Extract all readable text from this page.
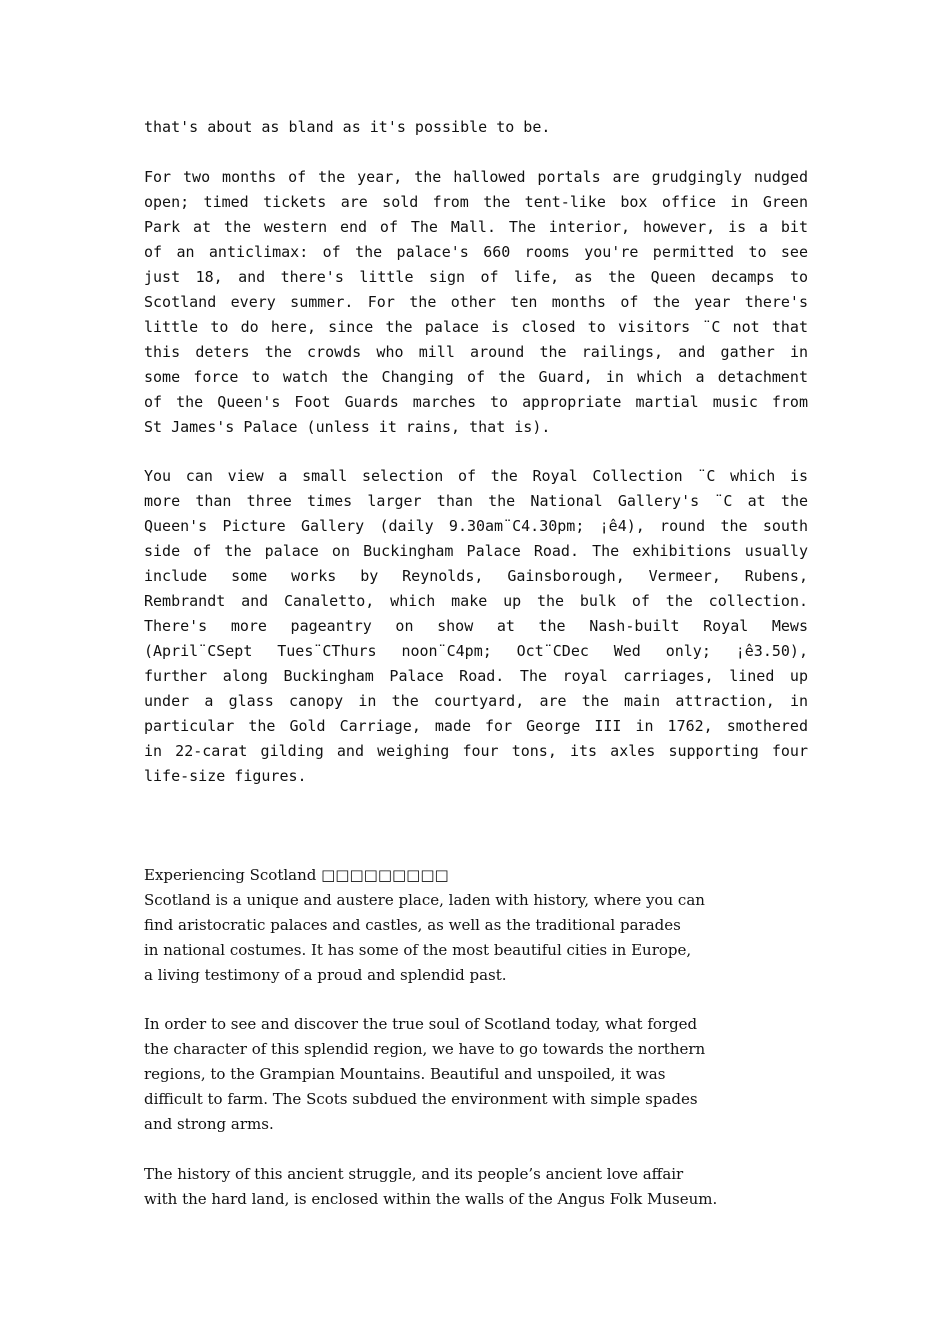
that's about as bland as it's possible to be.
For two months of the year, the hallowed portals are grudgingly nudged
open; timed tickets are sold from the tent-like box office in Green
Park at the western end of The Mall. The interior, however, is a bit
of an anticlimax: of the palace's 660 rooms you're permitted to see
just 18, and there's little sign of life, as the Queen decamps to
Scotland every summer. For the other ten months of the year there's
little to do here, since the palace is closed to visitors ¨C not that
this deters the crowds who mill around the railings, and gather in
some force to watch the Changing of the Guard, in which a detachment
of the Queen's Foot Guards marches to appropriate martial music from
St James's Palace (unless it rains, that is).
You can view a small selection of the Royal Collection ¨C which is
more than three times larger than the National Gallery's ¨C at the
Queen's Picture Gallery (daily 9.30am¨C4.30pm; ¡ê4), round the south
side of the palace on Buckingham Palace Road. The exhibitions usually
include some works by Reynolds, Gainsborough, Vermeer, Rubens,
Rembrandt and Canaletto, which make up the bulk of the collection.
There's more pageantry on show at the Nash-built Royal Mews
(April¨CSept Tues¨CThurs noon¨C4pm; Oct¨CDec Wed only; ¡ê3.50),
further along Buckingham Palace Road. The royal carriages, lined up
under a glass canopy in the courtyard, are the main attraction, in
particular the Gold Carriage, made for George III in 1762, smothered
in 22-carat gilding and weighing four tons, its axles supporting four
life-size figures.
Experiencing Scotland □□□□□□□□□
Scotland is a unique and austere place, laden with history, where you can
find aristocratic palaces and castles, as well as the traditional parades
in national costumes. It has some of the most beautiful cities in Europe,
a living testimony of a proud and splendid past.
In order to see and discover the true soul of Scotland today, what forged
the character of this splendid region, we have to go towards the northern
regions, to the Grampian Mountains. Beautiful and unspoiled, it was
difficult to farm. The Scots subdued the environment with simple spades
and strong arms.
The history of this ancient struggle, and its people’s ancient love affair
with the hard land, is enclosed within the walls of the Angus Folk Museum.
